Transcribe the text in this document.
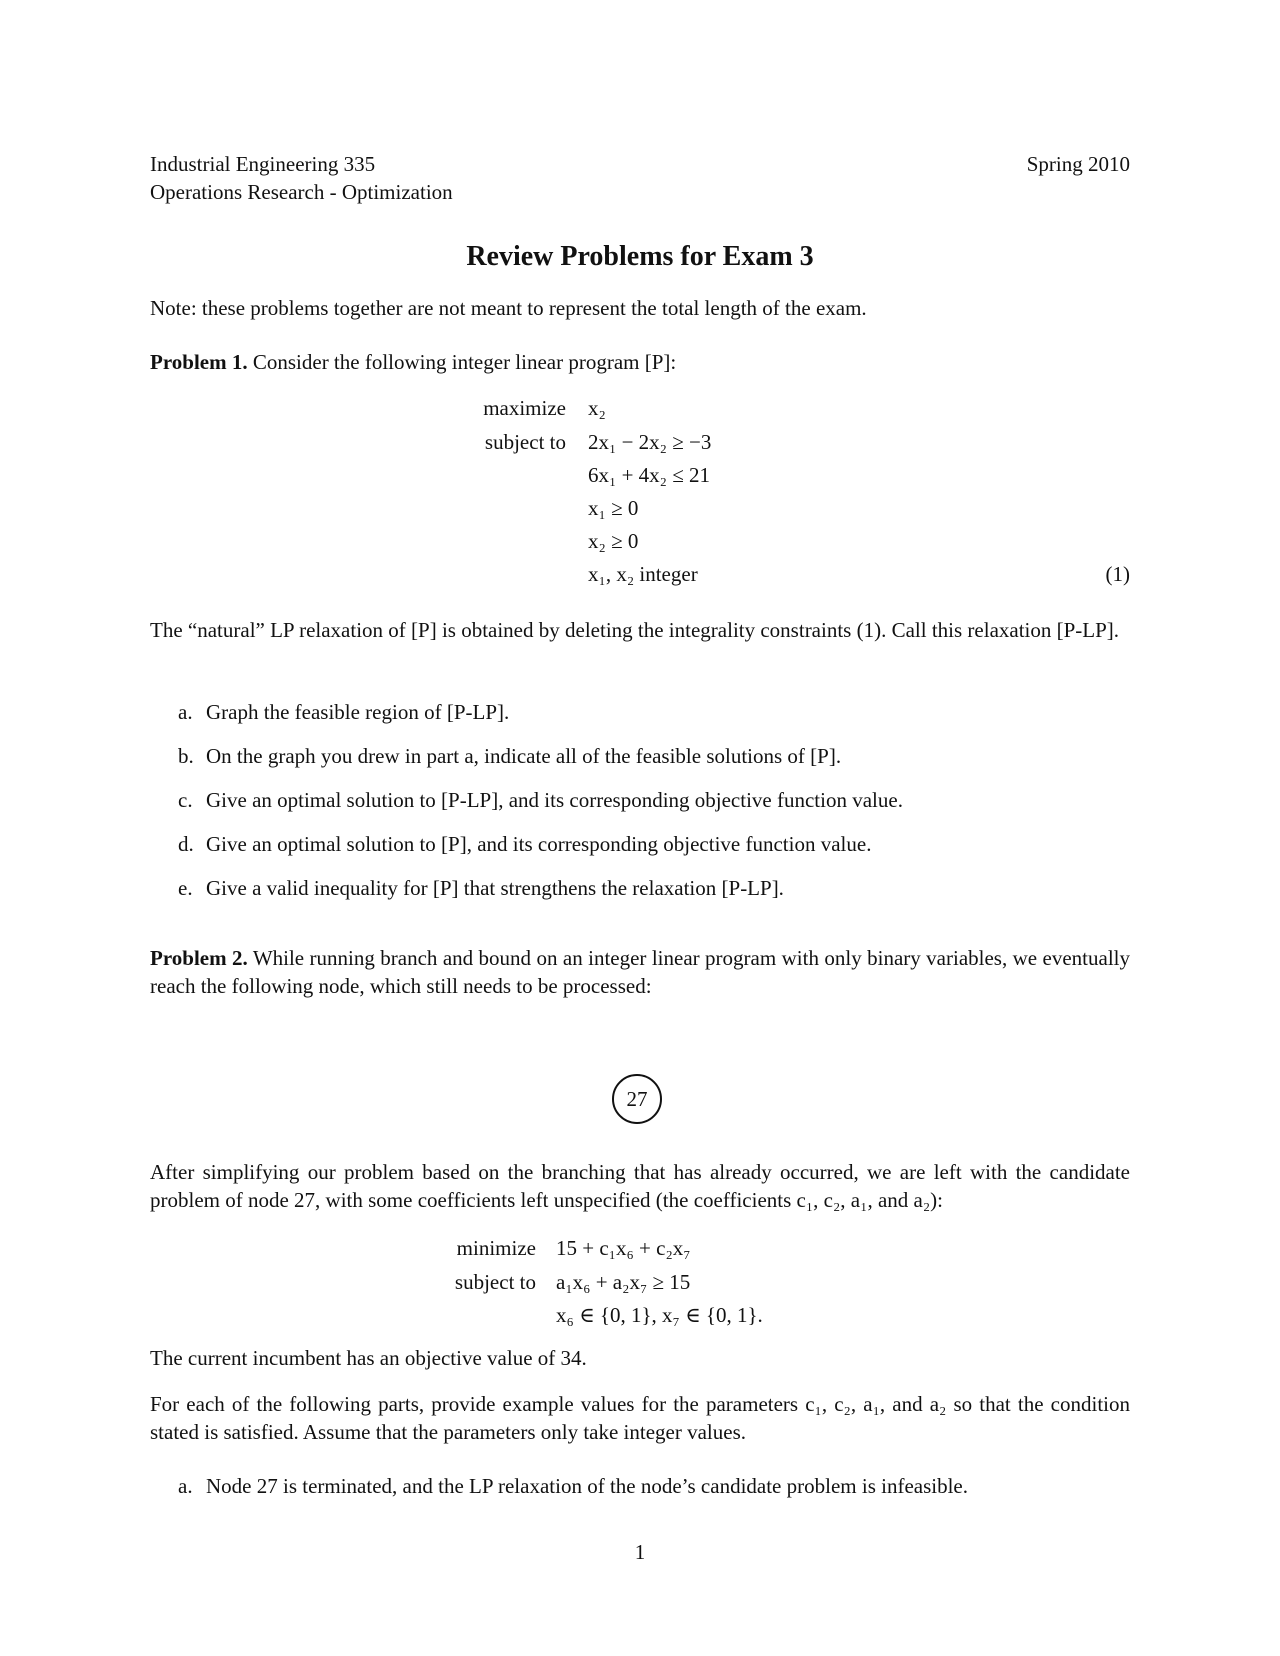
Industrial Engineering 335
Operations Research - Optimization
Spring 2010
Review Problems for Exam 3
Note: these problems together are not meant to represent the total length of the exam.
Problem 1. Consider the following integer linear program [P]:
maximize
subject to
x₂
2x₁ − 2x₂ ≥ −3
6x₁ + 4x₂ ≤ 21
x₁ ≥ 0
x₂ ≥ 0
x₁, x₂ integer	(1)
The “natural” LP relaxation of [P] is obtained by deleting the integrality constraints (1). Call this relaxation [P-LP].
a. Graph the feasible region of [P-LP].
b. On the graph you drew in part a, indicate all of the feasible solutions of [P].
c. Give an optimal solution to [P-LP], and its corresponding objective function value.
d. Give an optimal solution to [P], and its corresponding objective function value.
e. Give a valid inequality for [P] that strengthens the relaxation [P-LP].
Problem 2. While running branch and bound on an integer linear program with only binary variables, we eventually reach the following node, which still needs to be processed:
27
After simplifying our problem based on the branching that has already occurred, we are left with the candidate problem of node 27, with some coefficients left unspecified (the coefficients c₁, c₂, a₁, and a₂):
minimize
subject to
15 + c₁x₆ + c₂x₇
a₁x₆ + a₂x₇ ≥ 15
x₆ ∈ {0, 1}, x₇ ∈ {0, 1}.
The current incumbent has an objective value of 34.
For each of the following parts, provide example values for the parameters c₁, c₂, a₁, and a₂ so that the condition stated is satisfied. Assume that the parameters only take integer values.
a. Node 27 is terminated, and the LP relaxation of the node’s candidate problem is infeasible.
1
